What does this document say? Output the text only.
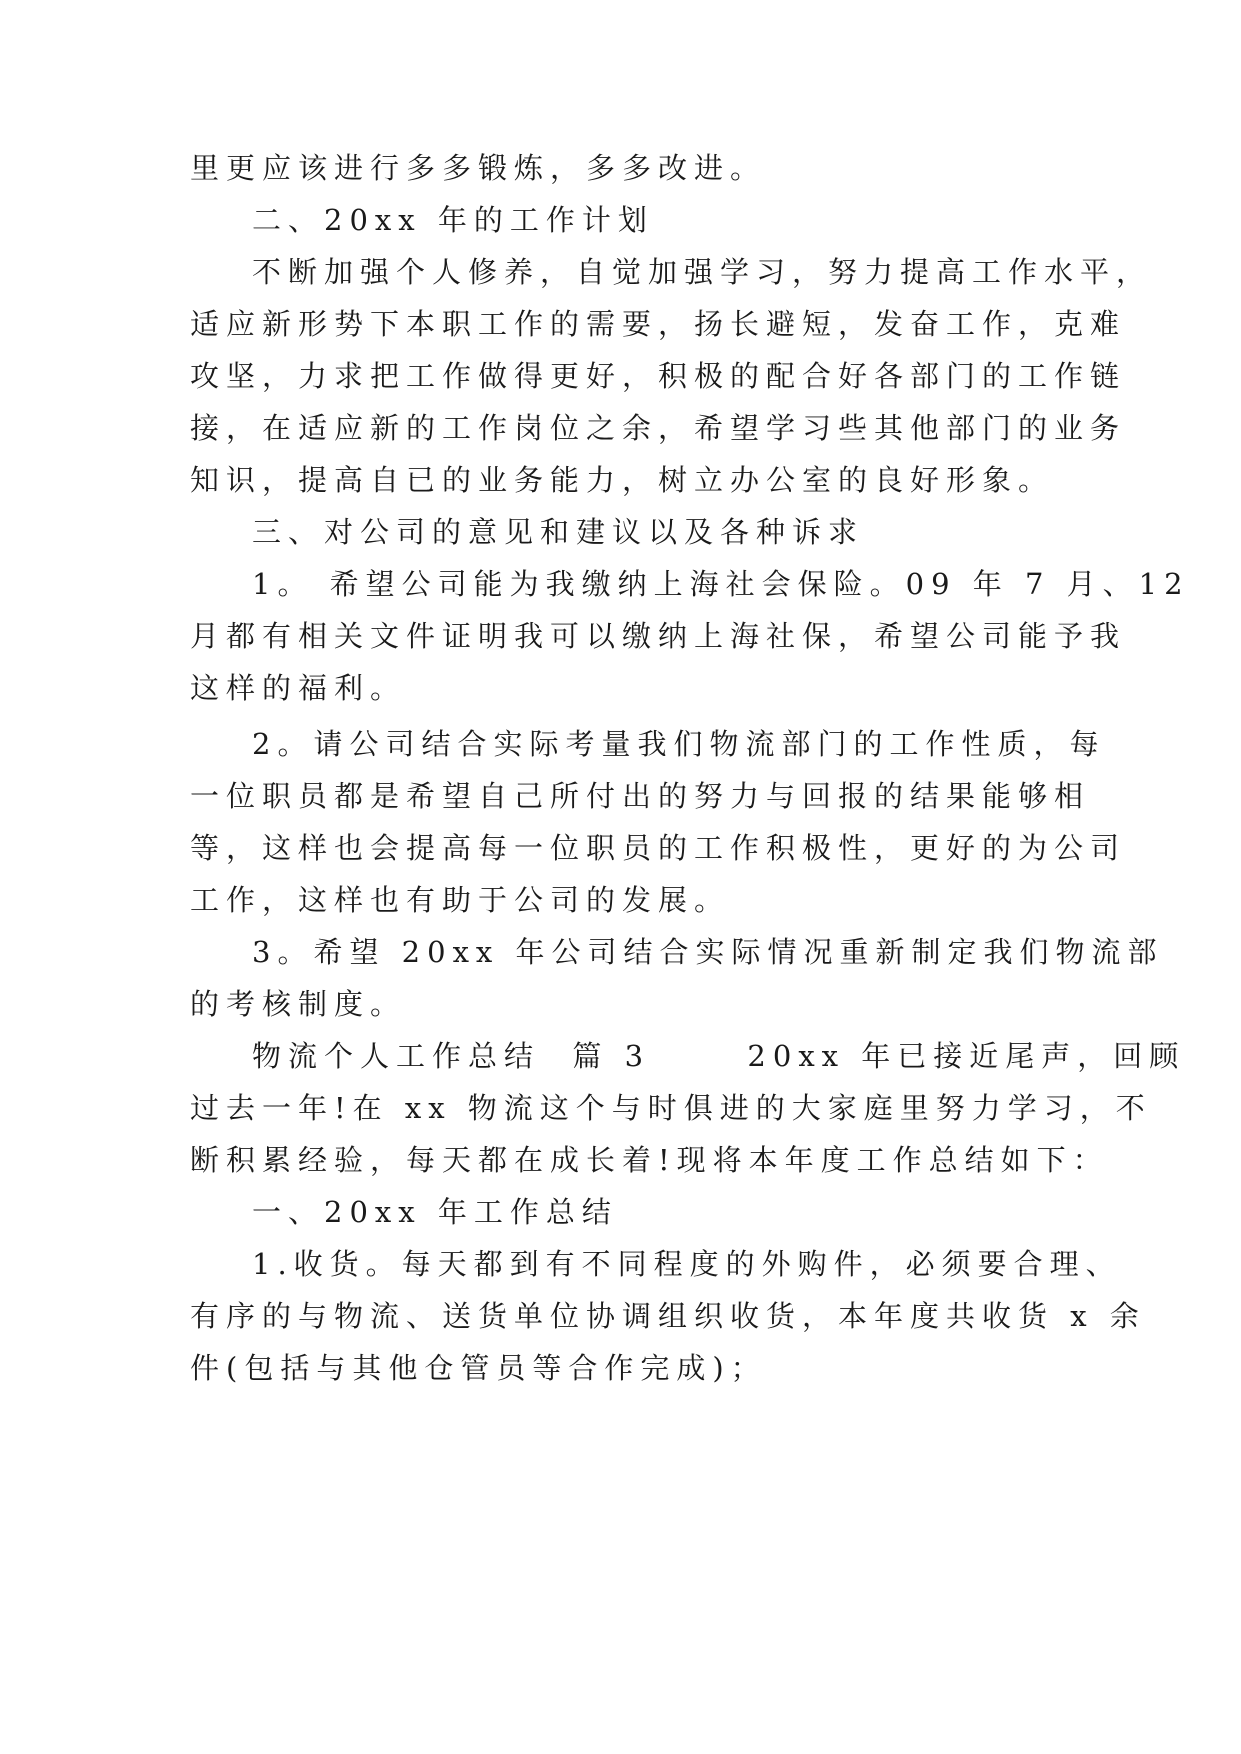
里更应该进行多多锻炼，多多改进。
二、20xx 年的工作计划
不断加强个人修养，自觉加强学习，努力提高工作水平，
适应新形势下本职工作的需要，扬长避短，发奋工作，克难
攻坚，力求把工作做得更好，积极的配合好各部门的工作链
接，在适应新的工作岗位之余，希望学习些其他部门的业务
知识，提高自已的业务能力，树立办公室的良好形象。
三、对公司的意见和建议以及各种诉求
1。 希望公司能为我缴纳上海社会保险。09 年 7 月、12
月都有相关文件证明我可以缴纳上海社保，希望公司能予我
这样的福利。
2。请公司结合实际考量我们物流部门的工作性质，每
一位职员都是希望自己所付出的努力与回报的结果能够相
等，这样也会提高每一位职员的工作积极性，更好的为公司
工作，这样也有助于公司的发展。
3。希望 20xx 年公司结合实际情况重新制定我们物流部
的考核制度。
物流个人工作总结  篇 3      20xx 年已接近尾声，回顾
过去一年!在 xx 物流这个与时俱进的大家庭里努力学习，不
断积累经验，每天都在成长着!现将本年度工作总结如下：
一、20xx 年工作总结
1.收货。每天都到有不同程度的外购件，必须要合理、
有序的与物流、送货单位协调组织收货，本年度共收货 x 余
件(包括与其他仓管员等合作完成)；
